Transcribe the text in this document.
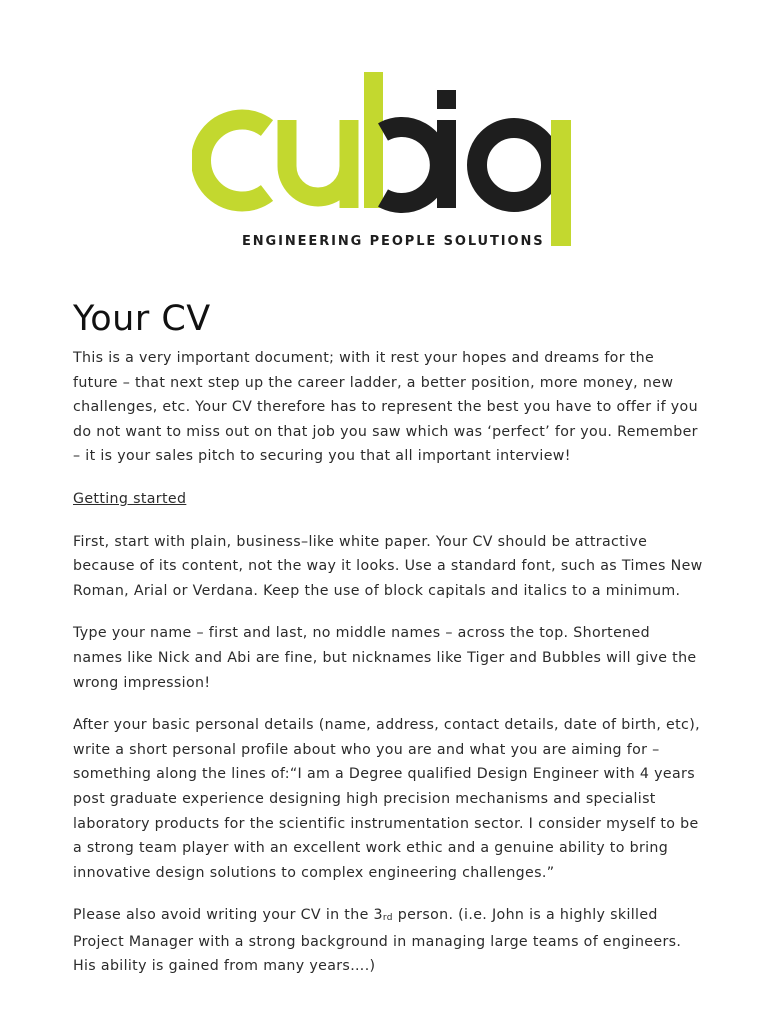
ENGINEERING PEOPLE SOLUTIONS
Your CV

This is a very important document; with it rest your hopes and dreams for the future – that next step up the career ladder, a better position, more money, new challenges, etc. Your CV therefore has to represent the best you have to offer if you do not want to miss out on that job you saw which was ‘perfect’ for you. Remember – it is your sales pitch to securing you that all important interview!

Getting started

First, start with plain, business–like white paper. Your CV should be attractive because of its content, not the way it looks. Use a standard font, such as Times New Roman, Arial or Verdana. Keep the use of block capitals and italics to a minimum.

Type your name – first and last, no middle names – across the top. Shortened names like Nick and Abi are fine, but nicknames like Tiger and Bubbles will give the wrong impression!

After your basic personal details (name, address, contact details, date of birth, etc), write a short personal profile about who you are and what you are aiming for – something along the lines of:“I am a Degree qualified Design Engineer with 4 years post graduate experience designing high precision mechanisms and specialist laboratory products for the scientific instrumentation sector. I consider myself to be a strong team player with an excellent work ethic and a genuine ability to bring innovative design solutions to complex engineering challenges.”

Please also avoid writing your CV in the 3rd person. (i.e. John is a highly skilled Project Manager with a strong background in managing large teams of engineers. His ability is gained from many years….)
